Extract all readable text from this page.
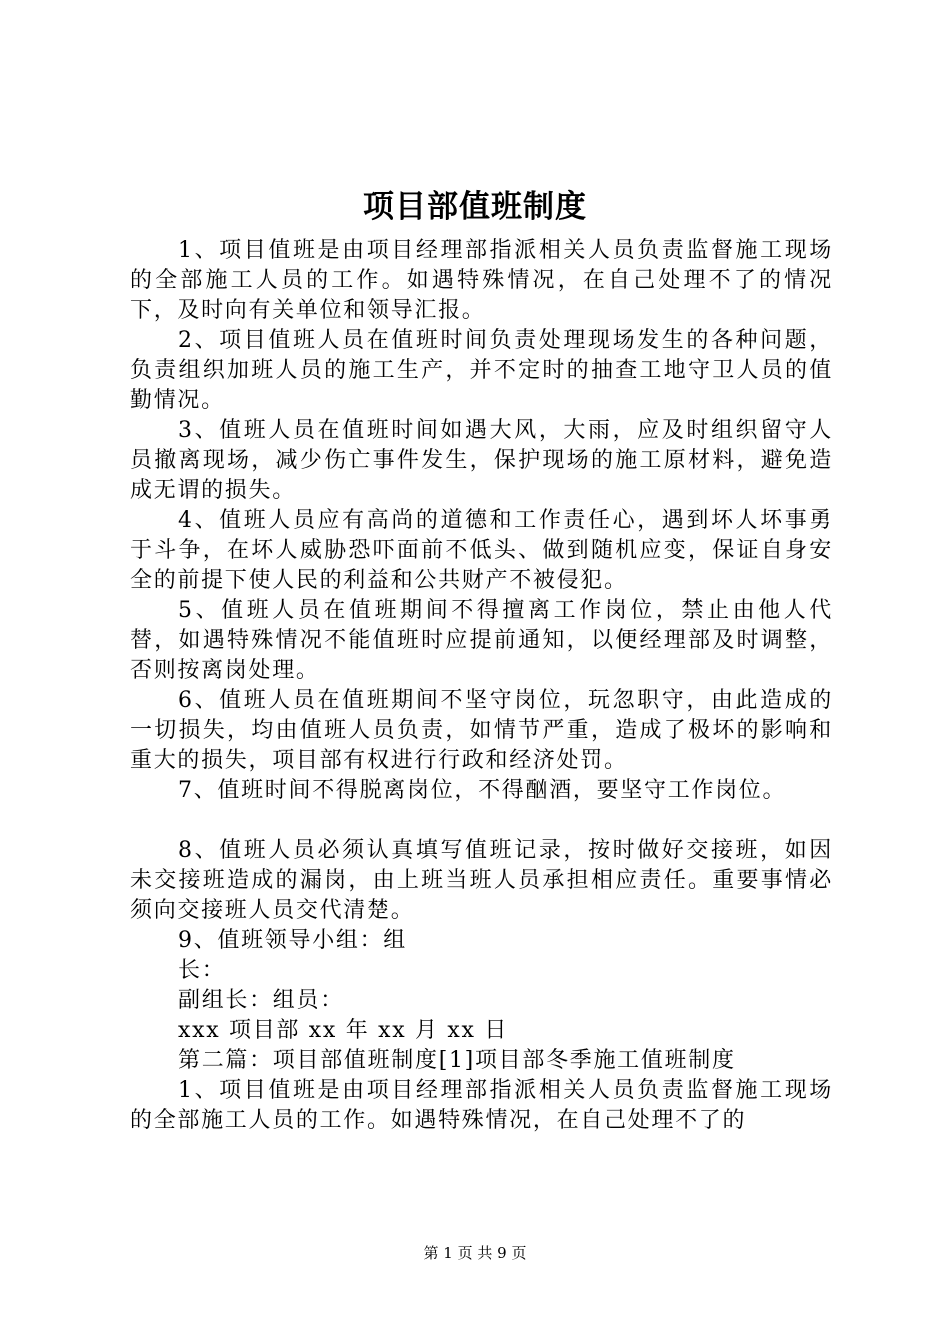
项目部值班制度

1、项目值班是由项目经理部指派相关人员负责监督施工现场的全部施工人员的工作。如遇特殊情况，在自己处理不了的情况下，及时向有关单位和领导汇报。

2、项目值班人员在值班时间负责处理现场发生的各种问题，负责组织加班人员的施工生产，并不定时的抽查工地守卫人员的值勤情况。

3、值班人员在值班时间如遇大风，大雨，应及时组织留守人员撤离现场，减少伤亡事件发生，保护现场的施工原材料，避免造成无谓的损失。

4、值班人员应有高尚的道德和工作责任心，遇到坏人坏事勇于斗争，在坏人威胁恐吓面前不低头、做到随机应变，保证自身安全的前提下使人民的利益和公共财产不被侵犯。

5、值班人员在值班期间不得擅离工作岗位，禁止由他人代替，如遇特殊情况不能值班时应提前通知，以便经理部及时调整，否则按离岗处理。

6、值班人员在值班期间不坚守岗位，玩忽职守，由此造成的一切损失，均由值班人员负责，如情节严重，造成了极坏的影响和重大的损失，项目部有权进行行政和经济处罚。

7、值班时间不得脱离岗位，不得酗酒，要坚守工作岗位。

8、值班人员必须认真填写值班记录，按时做好交接班，如因未交接班造成的漏岗，由上班当班人员承担相应责任。重要事情必须向交接班人员交代清楚。

9、值班领导小组：组长：

副组长：组员：

xxx 项目部 xx 年 xx 月 xx 日

第二篇：项目部值班制度[1]项目部冬季施工值班制度

1、项目值班是由项目经理部指派相关人员负责监督施工现场的全部施工人员的工作。如遇特殊情况，在自己处理不了的

第 1 页 共 9 页
